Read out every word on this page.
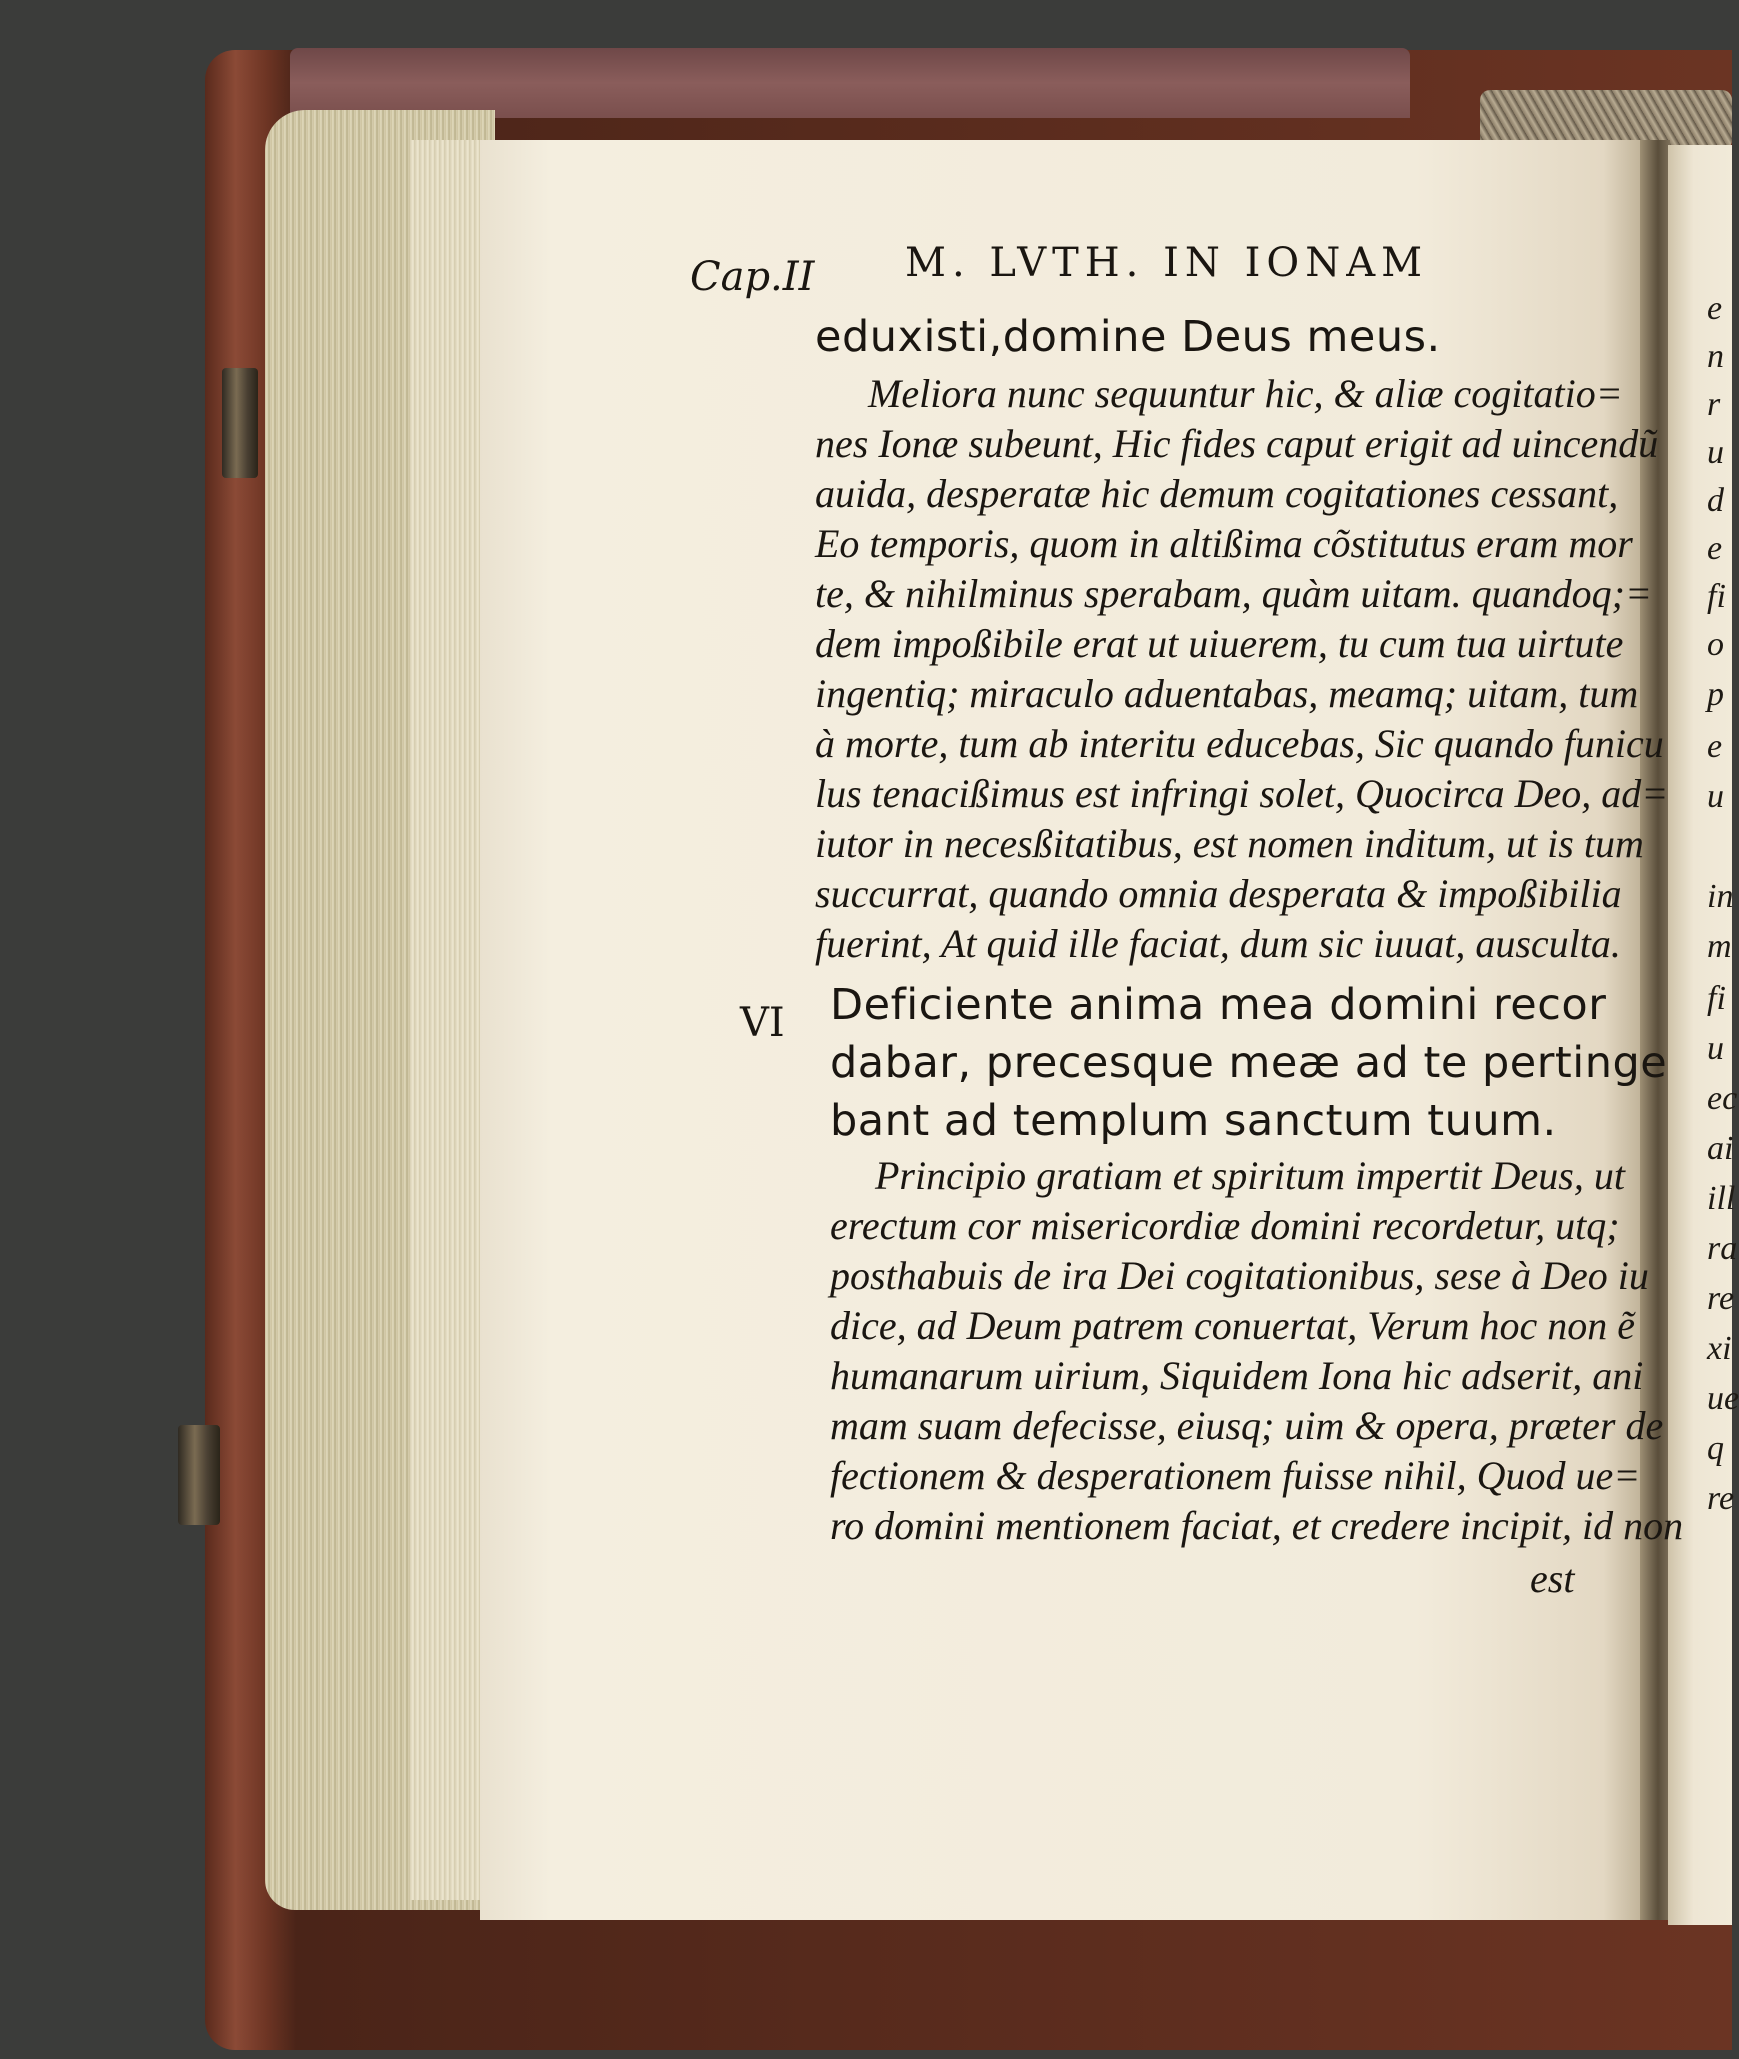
Cap.II M. LVTH. IN IONAM
eduxisti,domine Deus meus.
Meliora nunc sequuntur hic, & aliæ cogitatio=
nes Ionæ subeunt, Hic fides caput erigit ad uincendũ
auida, desperatæ hic demum cogitationes cessant,
Eo temporis, quom in altißima cõstitutus eram mor
te, & nihilminus sperabam, quàm uitam. quandoq;=
dem impoßibile erat ut uiuerem, tu cum tua uirtute
ingentiq; miraculo aduentabas, meamq; uitam, tum
à morte, tum ab interitu educebas, Sic quando funicu
lus tenacißimus est infringi solet, Quocirca Deo, ad=
iutor in necesßitatibus, est nomen inditum, ut is tum
succurrat, quando omnia desperata & impoßibilia
fuerint, At quid ille faciat, dum sic iuuat, ausculta.
VI Deficiente anima mea domini recor
dabar, precesque meæ ad te pertinge
bant ad templum sanctum tuum.
Principio gratiam et spiritum impertit Deus, ut
erectum cor misericordiæ domini recordetur, utq;
posthabuis de ira Dei cogitationibus, sese à Deo iu
dice, ad Deum patrem conuertat, Verum hoc non ẽ
humanarum uirium, Siquidem Iona hic adserit, ani
mam suam defecisse, eiusq; uim & opera, præter de
fectionem & desperationem fuisse nihil, Quod ue=
ro domini mentionem faciat, et credere incipit, id non
est
e
n
r
u
d
e
fi
o
p
e
u
in
m
fi
u
ec
ai
ill
ra
re
xi
ue
q
re
